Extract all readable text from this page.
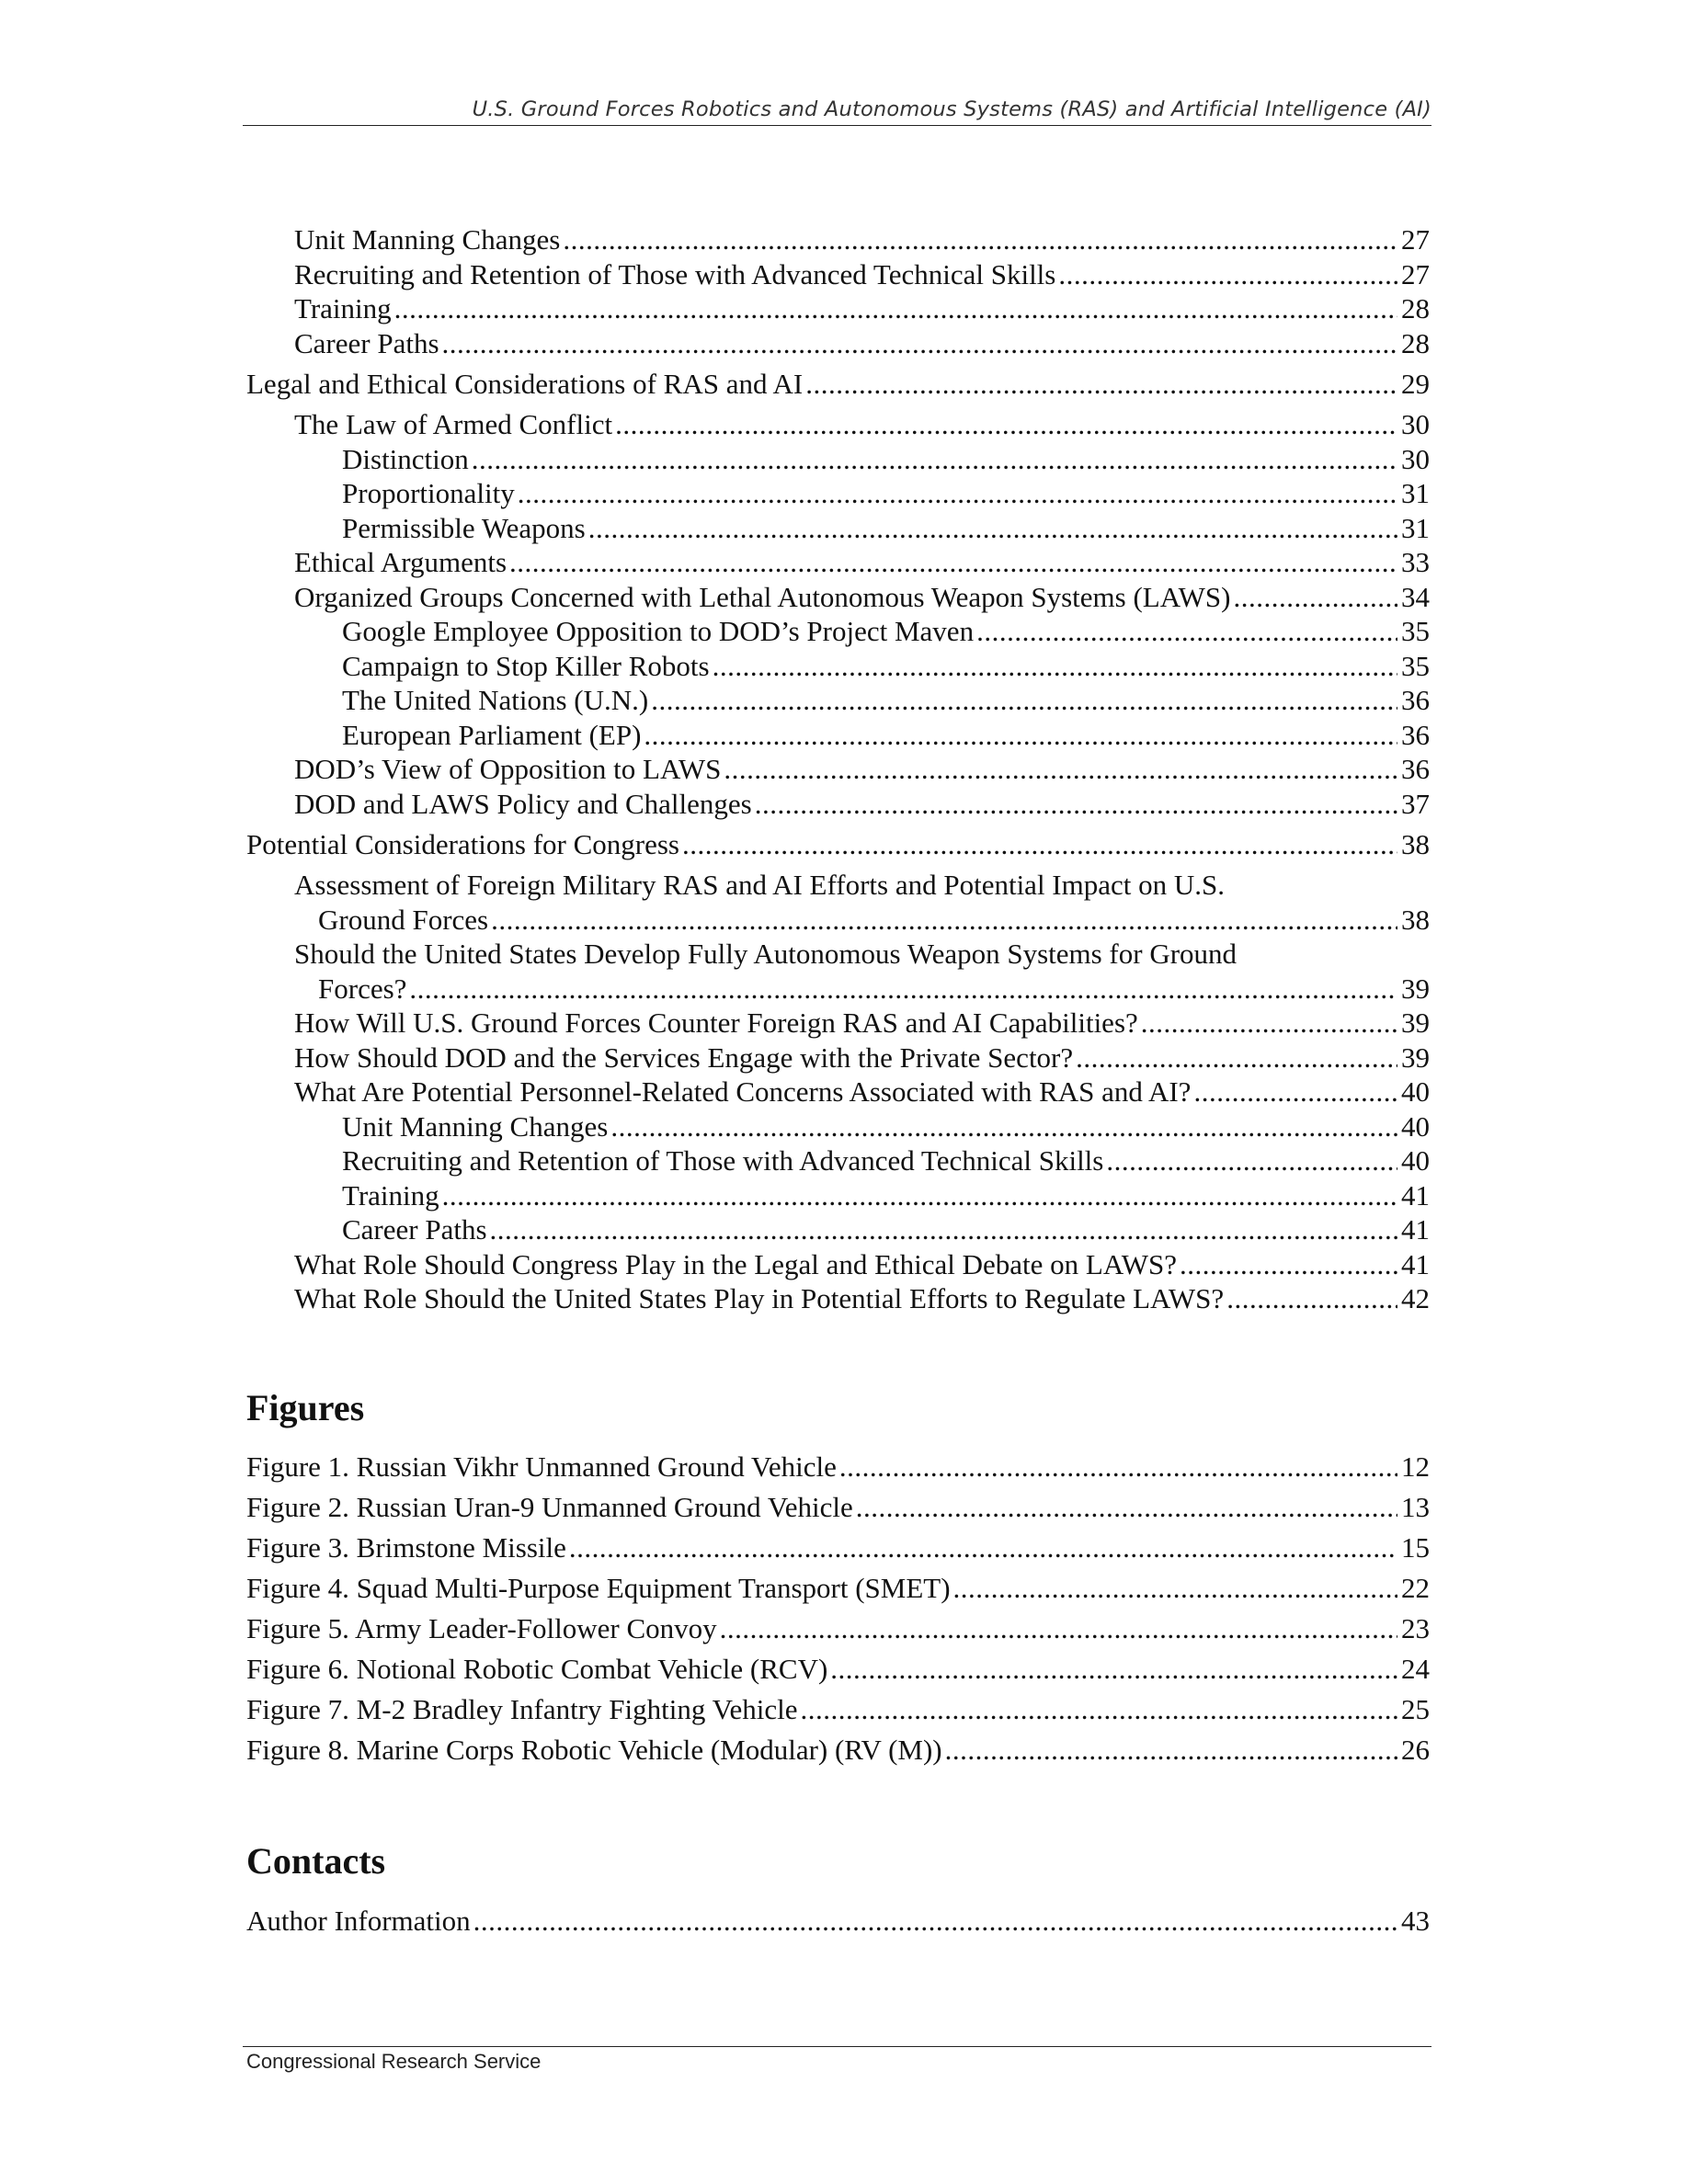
U.S. Ground Forces Robotics and Autonomous Systems (RAS) and Artificial Intelligence (AI)
Unit Manning Changes .....	27
Recruiting and Retention of Those with Advanced Technical Skills .....	27
Training .....	28
Career Paths .....	28
Legal and Ethical Considerations of RAS and AI .....	29
The Law of Armed Conflict .....	30
Distinction .....	30
Proportionality .....	31
Permissible Weapons .....	31
Ethical Arguments .....	33
Organized Groups Concerned with Lethal Autonomous Weapon Systems (LAWS) .....	34
Google Employee Opposition to DOD’s Project Maven .....	35
Campaign to Stop Killer Robots .....	35
The United Nations (U.N.) .....	36
European Parliament (EP) .....	36
DOD’s View of Opposition to LAWS .....	36
DOD and LAWS Policy and Challenges .....	37
Potential Considerations for Congress .....	38
Assessment of Foreign Military RAS and AI Efforts and Potential Impact on U.S.
Ground Forces .....	38
Should the United States Develop Fully Autonomous Weapon Systems for Ground
Forces? .....	39
How Will U.S. Ground Forces Counter Foreign RAS and AI Capabilities? .....	39
How Should DOD and the Services Engage with the Private Sector? .....	39
What Are Potential Personnel-Related Concerns Associated with RAS and AI? .....	40
Unit Manning Changes .....	40
Recruiting and Retention of Those with Advanced Technical Skills .....	40
Training .....	41
Career Paths .....	41
What Role Should Congress Play in the Legal and Ethical Debate on LAWS? .....	41
What Role Should the United States Play in Potential Efforts to Regulate LAWS? .....	42
Figures
Figure 1. Russian Vikhr Unmanned Ground Vehicle .....	12
Figure 2. Russian Uran-9 Unmanned Ground Vehicle .....	13
Figure 3. Brimstone Missile .....	15
Figure 4. Squad Multi-Purpose Equipment Transport (SMET) .....	22
Figure 5. Army Leader-Follower Convoy .....	23
Figure 6. Notional Robotic Combat Vehicle (RCV) .....	24
Figure 7. M-2 Bradley Infantry Fighting Vehicle .....	25
Figure 8. Marine Corps Robotic Vehicle (Modular) (RV (M)) .....	26
Contacts
Author Information .....	43
Congressional Research Service
